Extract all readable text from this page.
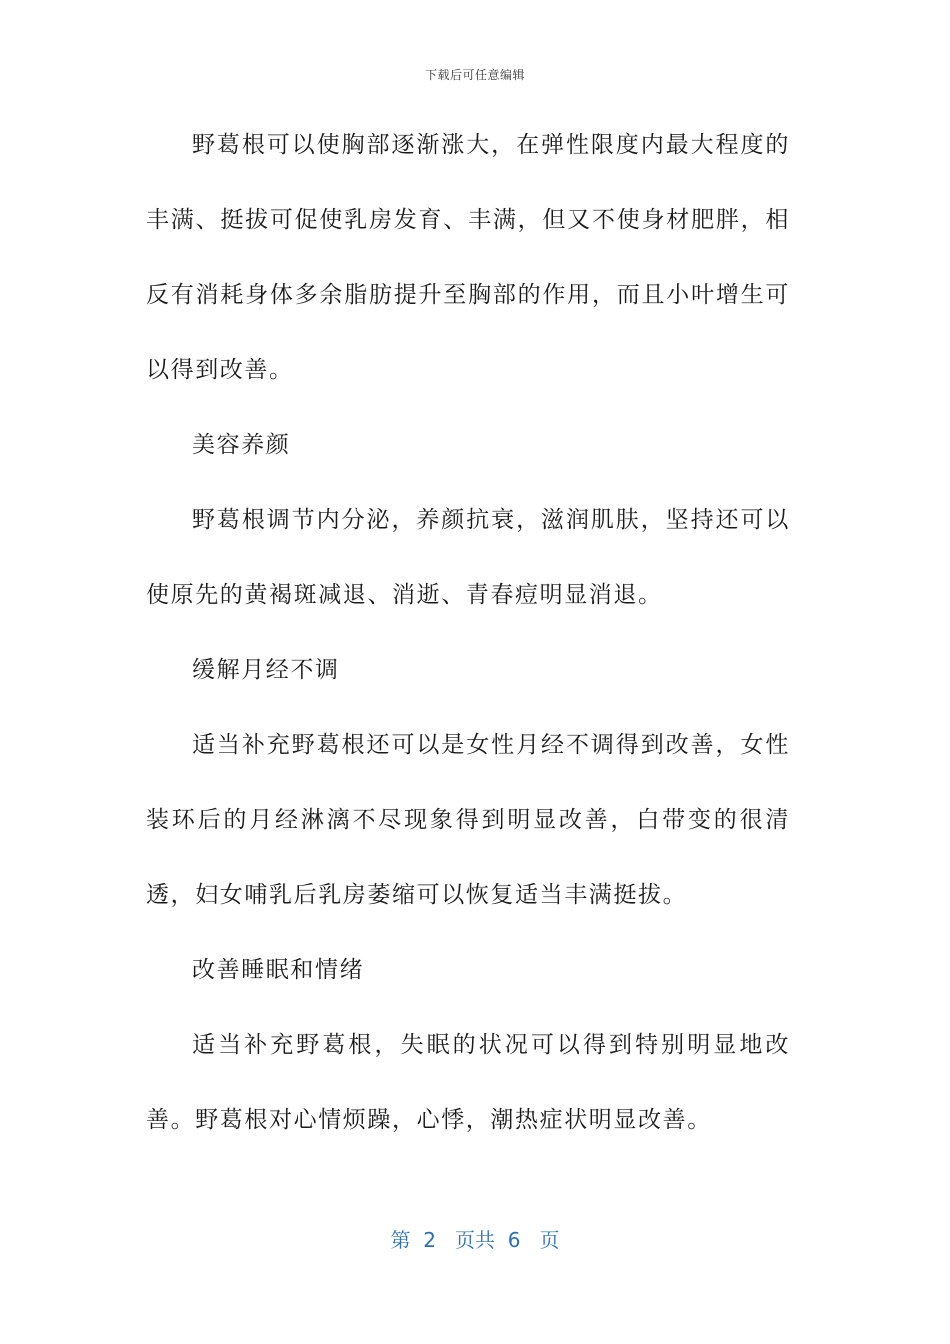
下载后可任意编辑

野葛根可以使胸部逐渐涨大，在弹性限度内最大程度的丰满、挺拔可促使乳房发育、丰满，但又不使身材肥胖，相反有消耗身体多余脂肪提升至胸部的作用，而且小叶增生可以得到改善。

美容养颜

野葛根调节内分泌，养颜抗衰，滋润肌肤，坚持还可以使原先的黄褐斑减退、消逝、青春痘明显消退。

缓解月经不调

适当补充野葛根还可以是女性月经不调得到改善，女性装环后的月经淋漓不尽现象得到明显改善，白带变的很清透，妇女哺乳后乳房萎缩可以恢复适当丰满挺拔。

改善睡眠和情绪

适当补充野葛根，失眠的状况可以得到特别明显地改善。野葛根对心情烦躁，心悸，潮热症状明显改善。

第 2 页共 6 页
